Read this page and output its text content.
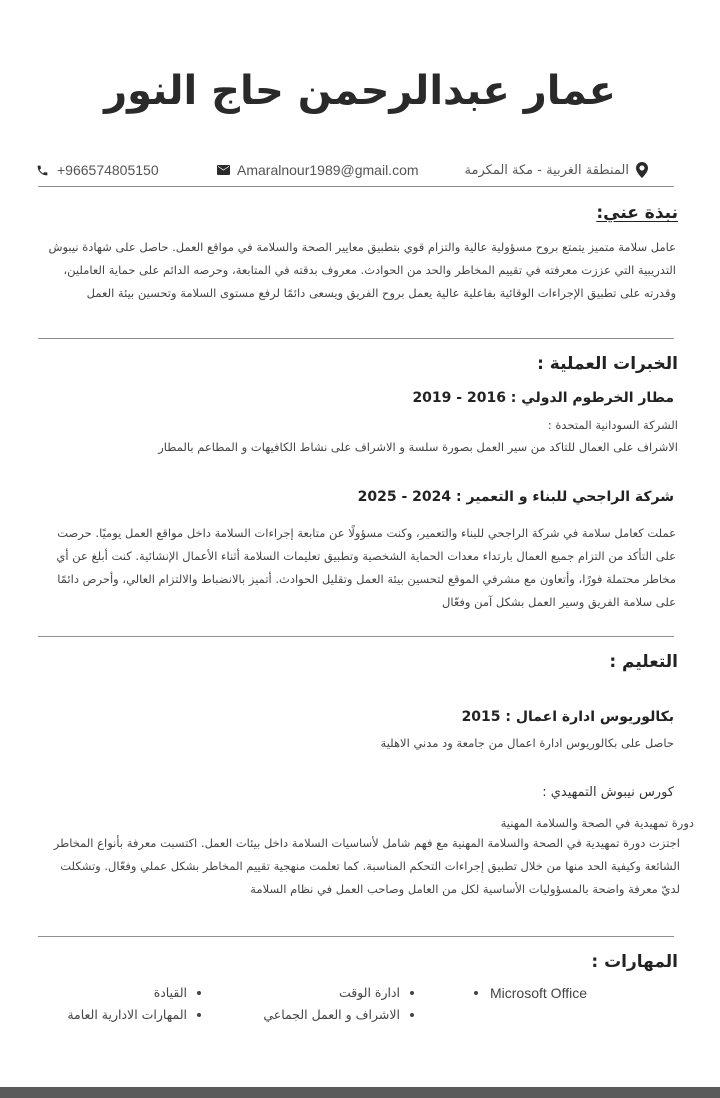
عمار عبدالرحمن حاج النور
+966574805150	Amaralnour1989@gmail.com	المنطقة الغربية - مكة المكرمة
نبذة عني:
عامل سلامة متميز يتمتع بروح مسؤولية عالية والتزام قوي بتطبيق معايير الصحة والسلامة في مواقع العمل. حاصل على شهادة نيبوش التدريبية التي عززت معرفته في تقييم المخاطر والحد من الحوادث. معروف بدقته في المتابعة، وحرصه الدائم على حماية العاملين، وقدرته على تطبيق الإجراءات الوقائية بفاعلية عالية يعمل بروح الفريق ويسعى دائمًا لرفع مستوى السلامة وتحسين بيئة العمل
الخبرات العملية :
مطار الخرطوم الدولي : 2016 - 2019
الشركة السودانية المتحدة :
الاشراف على العمال للتاكد من سير العمل بصورة سلسة و الاشراف على نشاط الكافيهات و المطاعم بالمطار
شركة الراجحي للبناء و التعمير : 2024 - 2025
عملت كعامل سلامة في شركة الراجحي للبناء والتعمير، وكنت مسؤولًا عن متابعة إجراءات السلامة داخل مواقع العمل يوميًا. حرصت على التأكد من التزام جميع العمال بارتداء معدات الحماية الشخصية وتطبيق تعليمات السلامة أثناء الأعمال الإنشائية. كنت أبلغ عن أي مخاطر محتملة فورًا، وأتعاون مع مشرفي الموقع لتحسين بيئة العمل وتقليل الحوادث. أتميز بالانضباط والالتزام العالي، وأحرص دائمًا على سلامة الفريق وسير العمل بشكل آمن وفعّال
التعليم :
بكالوريوس ادارة اعمال : 2015
حاصل على بكالوريوس ادارة اعمال من جامعة ود مدني الاهلية
كورس نيبوش التمهيدي :
دورة تمهيدية في الصحة والسلامة المهنية
اجتزت دورة تمهيدية في الصحة والسلامة المهنية مع فهم شامل لأساسيات السلامة داخل بيئات العمل. اكتسبت معرفة بأنواع المخاطر الشائعة وكيفية الحد منها من خلال تطبيق إجراءات التحكم المناسبة. كما تعلمت منهجية تقييم المخاطر بشكل عملي وفعّال. وتشكلت لديّ معرفة واضحة بالمسؤوليات الأساسية لكل من العامل وصاحب العمل في نظام السلامة
المهارات :
Microsoft Office
ادارة الوقت
القيادة
الاشراف و العمل الجماعي
المهارات الادارية العامة
